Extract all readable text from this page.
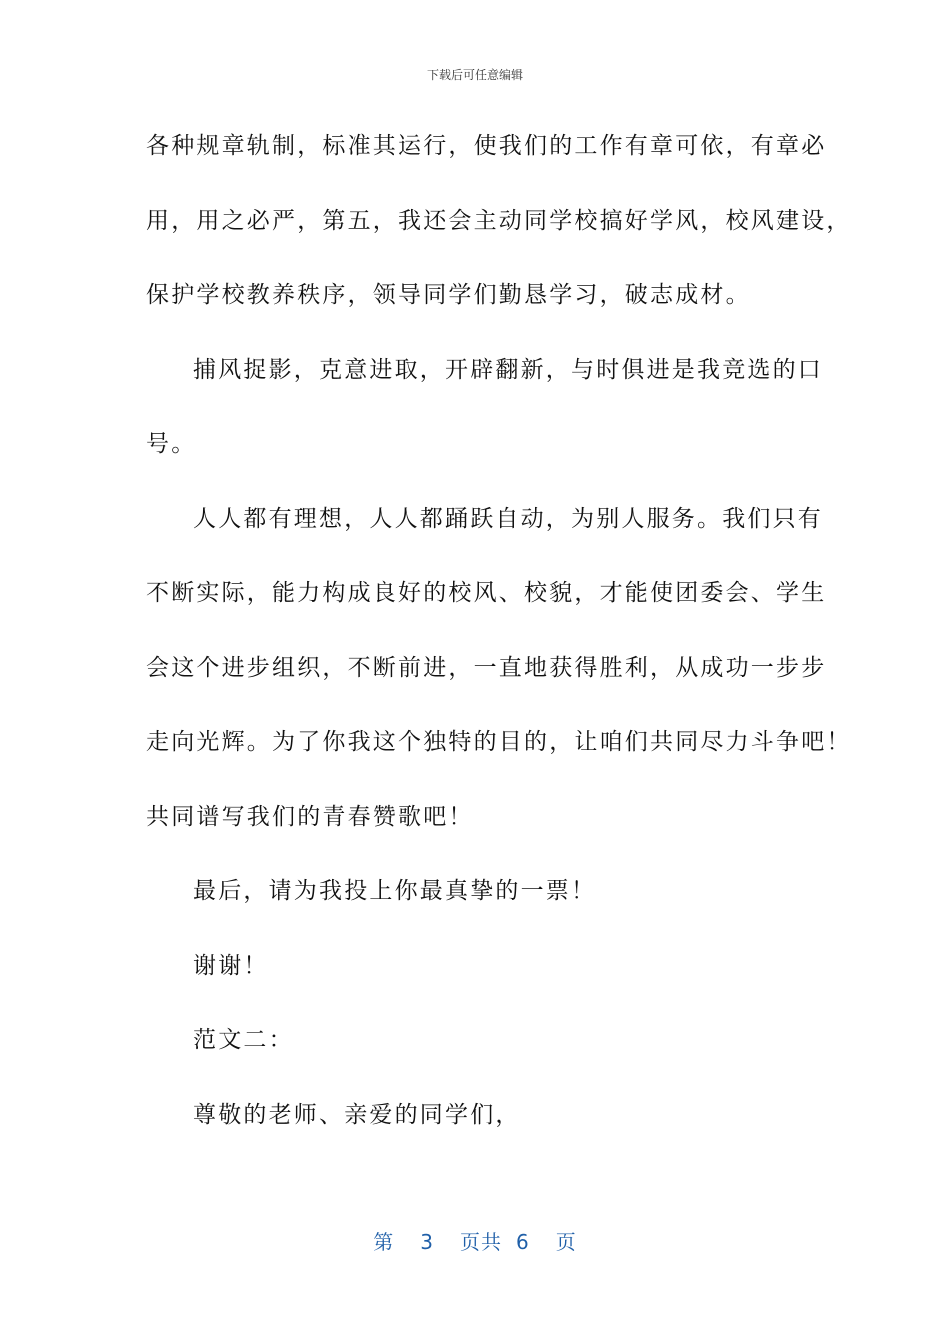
下载后可任意编辑
各种规章轨制，标准其运行，使我们的工作有章可依，有章必
用，用之必严，第五，我还会主动同学校搞好学风，校风建设，
保护学校教养秩序，领导同学们勤恳学习，破志成材。
捕风捉影，克意进取，开辟翻新，与时俱进是我竞选的口
号。
人人都有理想，人人都踊跃自动，为别人服务。我们只有
不断实际，能力构成良好的校风、校貌，才能使团委会、学生
会这个进步组织，不断前进，一直地获得胜利，从成功一步步
走向光辉。为了你我这个独特的目的，让咱们共同尽力斗争吧！
共同谱写我们的青春赞歌吧！
最后，请为我投上你最真挚的一票！
谢谢！
范文二：
尊敬的老师、亲爱的同学们，
第 3 页共 6 页
